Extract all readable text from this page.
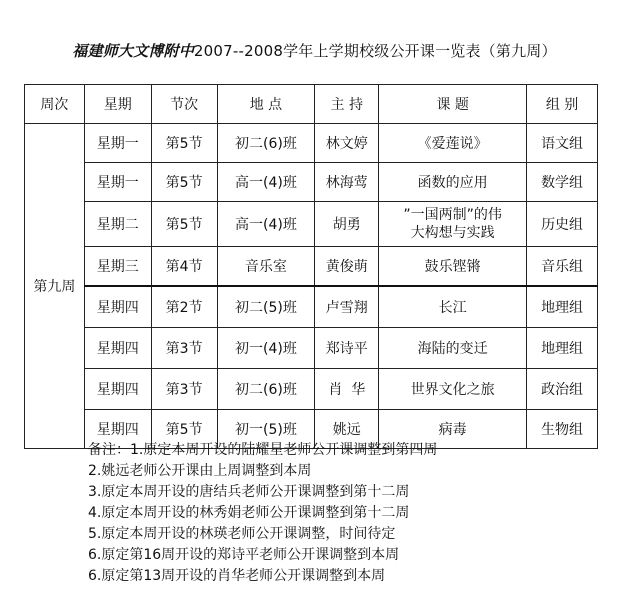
福建师大文博附中2007--2008学年上学期校级公开课一览表（第九周）
周次	星期	节次	地 点	主 持	课 题	组 别
第九周	星期一	第5节	初二(6)班	林文婷	《爱莲说》	语文组
	星期一	第5节	高一(4)班	林海莺	函数的应用	数学组
	星期二	第5节	高一(4)班	胡勇	”一国两制”的伟大构想与实践	历史组
	星期三	第4节	音乐室	黄俊萌	鼓乐铿锵	音乐组
	星期四	第2节	初二(5)班	卢雪翔	长江	地理组
	星期四	第3节	初一(4)班	郑诗平	海陆的变迁	地理组
	星期四	第3节	初二(6)班	肖  华	世界文化之旅	政治组
	星期四	第5节	初一(5)班	姚远	病毒	生物组
备注：1.原定本周开设的陆耀星老师公开课调整到第四周
2.姚远老师公开课由上周调整到本周
3.原定本周开设的唐结兵老师公开课调整到第十二周
4.原定本周开设的林秀娟老师公开课调整到第十二周
5.原定本周开设的林瑛老师公开课调整，时间待定
6.原定第16周开设的郑诗平老师公开课调整到本周
6.原定第13周开设的肖华老师公开课调整到本周
